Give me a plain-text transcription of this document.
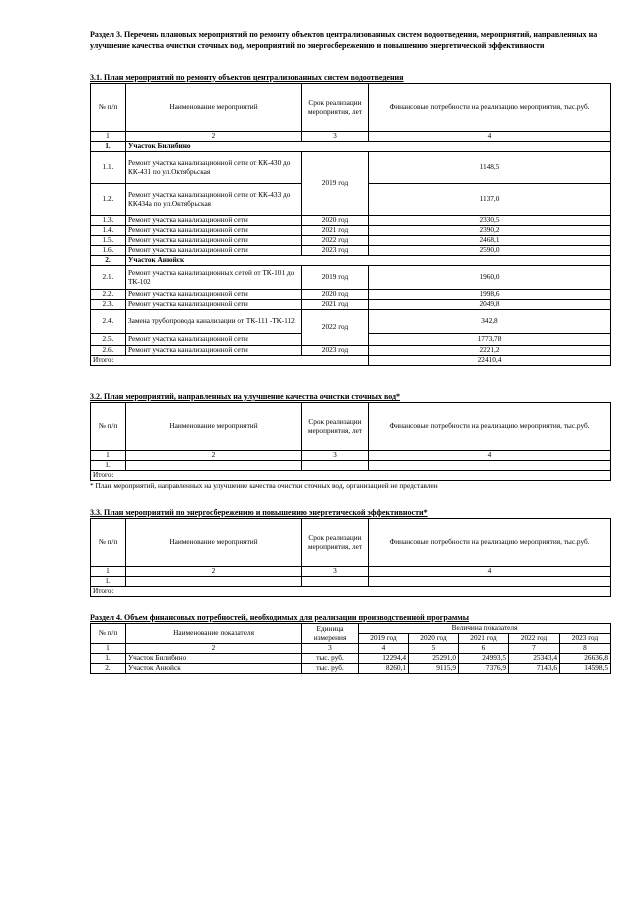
Раздел 3. Перечень плановых мероприятий по ремонту объектов централизованных систем водоотведения, мероприятий, направленных на улучшение качества очистки сточных вод, мероприятий по энергосбережению и повышению энергетической эффективности

3.1. План мероприятий по ремонту объектов централизованных систем водоотведения

№ п/п	Наименование мероприятий	Срок реализации мероприятия, лет	Финансовые потребности на реализацию мероприятия, тыс.руб.
1	2	3	4
1.	Участок Билибино		
1.1.	Ремонт участка канализационной сети от КК-430 до КК-431 по ул.Октябрьская	2019 год	1148,5
1.2.	Ремонт участка канализационной сети от КК-433 до КК434а по ул.Октябрьская		1137,0
1.3.	Ремонт участка канализационной сети	2020 год	2330,5
1.4.	Ремонт участка канализационной сети	2021 год	2390,2
1.5.	Ремонт участка канализационной сети	2022 год	2468,1
1.6.	Ремонт участка канализационной сети	2023 год	2590,0
2.	Участок Анюйск		
2.1.	Ремонт участка канализационных сетей от ТК-101 до ТК-102	2019 год	1960,0
2.2.	Ремонт участка канализационной сети	2020 год	1998,6
2.3.	Ремонт участка канализационной сети	2021 год	2049,8
2.4.	Замена трубопровода канализации от ТК-111 -ТК-112	2022 год	342,8
2.5.	Ремонт участка канализационной сети		1773,78
2.6.	Ремонт участка канализационной сети	2023 год	2221,2
Итого:			22410,4

3.2. План мероприятий, направленных на улучшение качества очистки сточных вод*

№ п/п	Наименование мероприятий	Срок реализации мероприятия, лет	Финансовые потребности на реализацию мероприятия, тыс.руб.
1	2	3	4
1.			
Итого:			

* План мероприятий, направленных на улучшение качества очистки сточных вод, организацией не представлен

3.3. План мероприятий по энергосбережению и повышению энергетической эффективности*

№ п/п	Наименование мероприятий	Срок реализации мероприятия, лет	Финансовые потребности на реализацию мероприятия, тыс.руб.
1	2	3	4
1.			
Итого:			

Раздел 4. Объем финансовых потребностей, необходимых для реализации производственной программы

№ п/п	Наименование показателя	Единица измерения	Величина показателя				
			2019 год	2020 год	2021 год	2022 год	2023 год
1	2	3	4	5	6	7	8
1.	Участок Билибино	тыс. руб.	12294,4	25291,0	24993,5	25343,4	26636,8
2.	Участок Анюйск	тыс. руб.	8260,1	9115,9	7376,9	7143,6	14598,5
